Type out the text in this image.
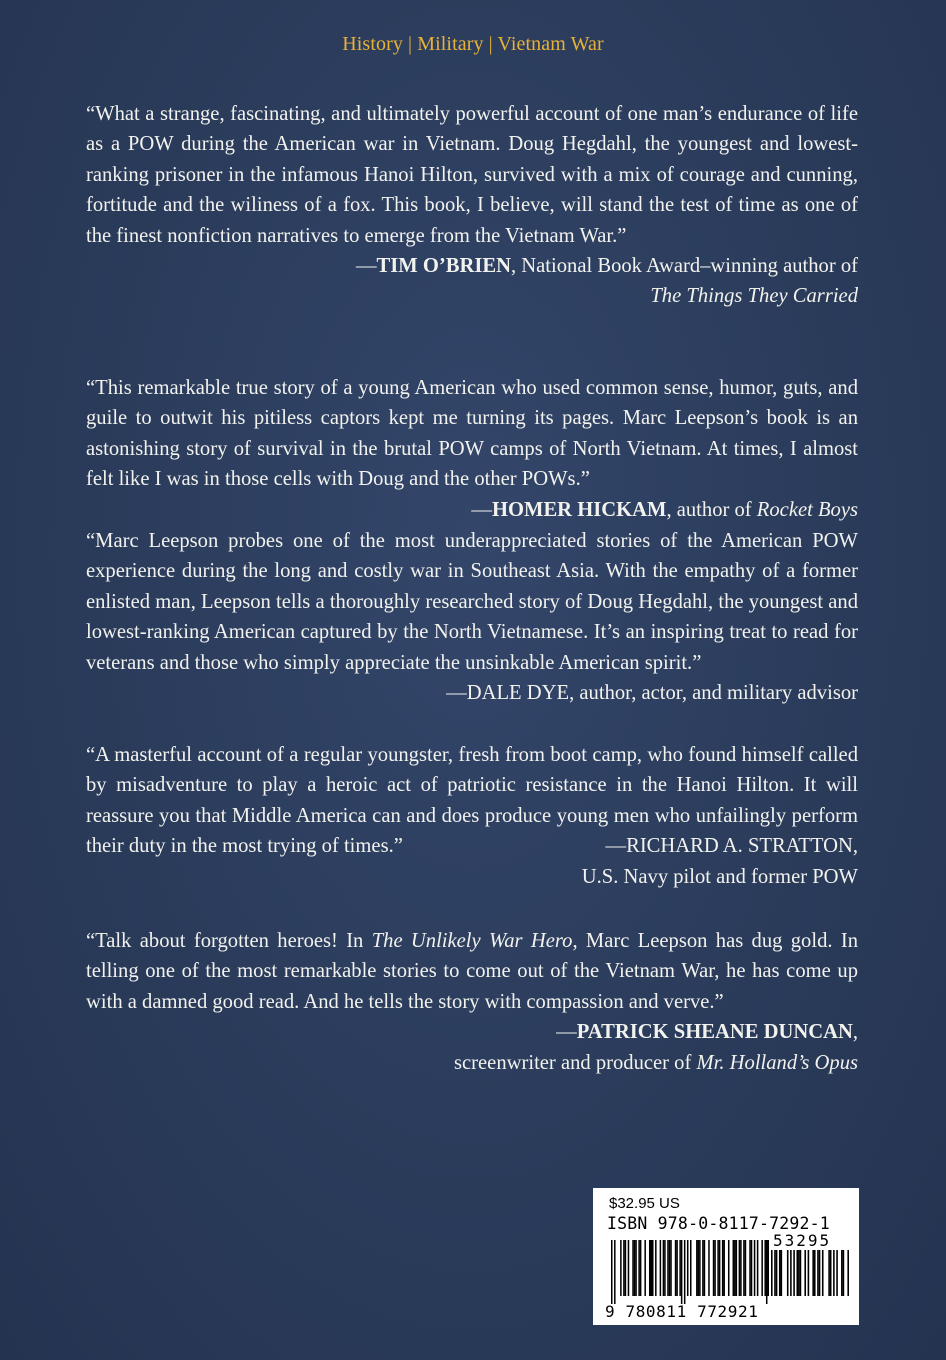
History | Military | Vietnam War

“What a strange, fascinating, and ultimately powerful account of one man’s endurance of life as a POW during the American war in Vietnam. Doug Hegdahl, the youngest and lowest-ranking prisoner in the infamous Hanoi Hilton, survived with a mix of courage and cunning, fortitude and the wiliness of a fox. This book, I believe, will stand the test of time as one of the finest nonfiction narratives to emerge from the Vietnam War.”

—TIM O’BRIEN, National Book Award–winning author of

The Things They Carried

“This remarkable true story of a young American who used common sense, humor, guts, and guile to outwit his pitiless captors kept me turning its pages. Marc Leepson’s book is an astonishing story of survival in the brutal POW camps of North Vietnam. At times, I almost felt like I was in those cells with Doug and the other POWs.”

—HOMER HICKAM, author of Rocket Boys

“Marc Leepson probes one of the most underappreciated stories of the American POW experience during the long and costly war in Southeast Asia. With the empathy of a former enlisted man, Leepson tells a thoroughly researched story of Doug Hegdahl, the youngest and lowest-ranking American captured by the North Vietnamese. It’s an inspiring treat to read for veterans and those who simply appreciate the unsinkable American spirit.”
—DALE DYE, author, actor, and military advisor

“A masterful account of a regular youngster, fresh from boot camp, who found himself called by misadventure to play a heroic act of patriotic resistance in the Hanoi Hilton. It will reassure you that Middle America can and does produce young men who unfailingly perform their duty in the most trying of times.”	—RICHARD A. STRATTON,

U.S. Navy pilot and former POW

“Talk about forgotten heroes! In The Unlikely War Hero, Marc Leepson has dug gold. In telling one of the most remarkable stories to come out of the Vietnam War, he has come up with a damned good read. And he tells the story with compassion and verve.”

—PATRICK SHEANE DUNCAN,

screenwriter and producer of Mr. Holland’s Opus

$32.95 US
ISBN 978-0-8117-7292-1
53295
9 780811 772921
